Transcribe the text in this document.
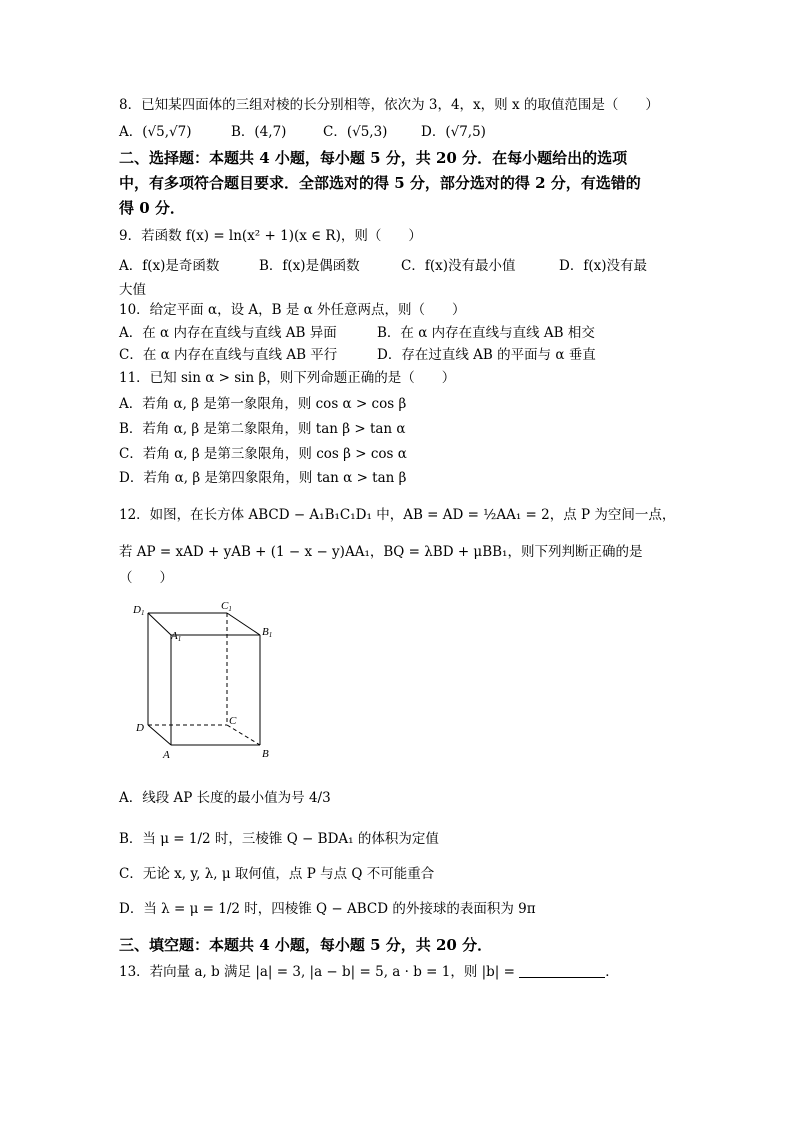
8．已知某四面体的三组对棱的长分别相等，依次为 3，4，x，则 x 的取值范围是（　　）
A．(√5,√7)	B．(4,7)	C．(√5,3) D．(√7,5)
二、选择题：本题共 4 小题，每小题 5 分，共 20 分．在每小题给出的选项
中，有多项符合题目要求．全部选对的得 5 分，部分选对的得 2 分，有选错的
得 0 分．
9．若函数 f(x) = ln(x² + 1)(x ∈ R)，则（　　）
A．f(x)是奇函数	B．f(x)是偶函数	C．f(x)没有最小值	D．f(x)没有最
大值
10．给定平面 α，设 A，B 是 α 外任意两点，则（　　）
A．在 α 内存在直线与直线 AB 异面	B．在 α 内存在直线与直线 AB 相交
C．在 α 内存在直线与直线 AB 平行	D．存在过直线 AB 的平面与 α 垂直
11．已知 sin α > sin β，则下列命题正确的是（　　）
A．若角 α, β 是第一象限角，则 cos α > cos β
B．若角 α, β 是第二象限角，则 tan β > tan α
C．若角 α, β 是第三象限角，则 cos β > cos α
D．若角 α, β 是第四象限角，则 tan α > tan β
12．如图，在长方体 ABCD − A₁B₁C₁D₁ 中，AB = AD = ½AA₁ = 2，点 P 为空间一点，
若 AP = xAD + yAB + (1 − x − y)AA₁，BQ = λBD + μBB₁，则下列判断正确的是
（　　）
D1
C1
A1
B1
D
C
A	B
A．线段 AP 长度的最小值为号 4/3
B．当 μ = 1/2 时，三棱锥 Q − BDA₁ 的体积为定值
C．无论 x, y, λ, μ 取何值，点 P 与点 Q 不可能重合
D．当 λ = μ = 1/2 时，四棱锥 Q − ABCD 的外接球的表面积为 9π
三、填空题：本题共 4 小题，每小题 5 分，共 20 分．
13．若向量 a, b 满足 |a| = 3, |a − b| = 5, a · b = 1，则 |b| =	．
